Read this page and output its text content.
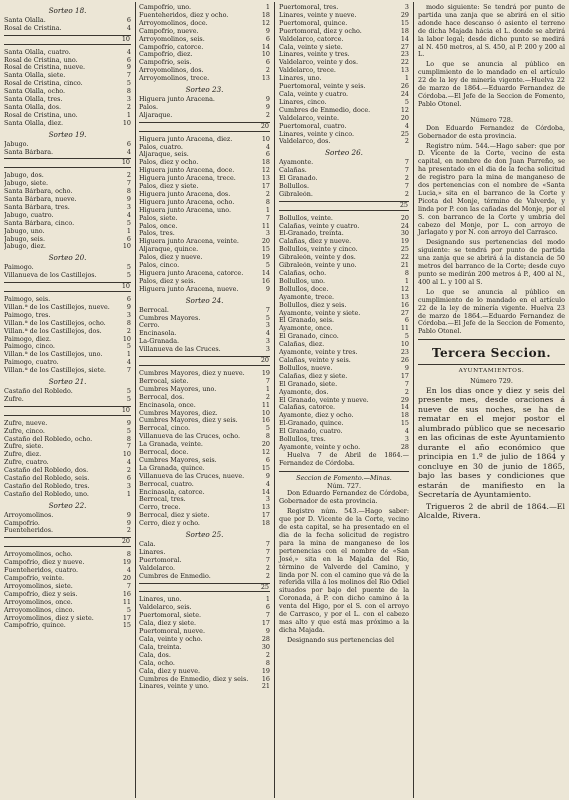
Sorteo 18.
Santa Olalla.	6
Rosal de Cristina.	4
10
Santa Olalla, cuatro.	4
Rosal de Cristina, uno.	6
Rosal de Cristina, nueve.	9
Santa Olalla, siete.	7
Rosal de Cristina, cinco.	5
Santa Olalla, ocho.	8
Santa Olalla, tres.	3
Santa Olalla, dos.	2
Rosal de Cristina, uno.	1
Santa Olalla, diez.	10
Sorteo 19.
Jabugo.	6
Santa Bárbara.	4
10
Jabugo, dos.	2
Jabugo, siete.	7
Santa Bárbara, ocho.	8
Santa Bárbara, nueve.	9
Santa Bárbara, tres.	3
Jabugo, cuatro.	4
Santa Bárbara, cinco.	5
Jabugo, uno.	1
Jabugo, seis.	6
Jabugo, diez.	10
Sorteo 20.
Paimogo.	5
Villanueva de los Castillejos.	5
10
Paimogo, seis.	6
Villan.ª de los Castillejos, nueve.	9
Paimogo, tres.	3
Villan.ª de los Castillejos, ocho.	8
Villan.ª de los Castillejos, dos.	2
Paimogo, diez.	10
Paimogo, cinco.	5
Villan.ª de los Castillejos, uno.	1
Paimogo, cuatro.	4
Villan.ª de los Castillejos, siete.	7
Sorteo 21.
Castaño del Robledo.	5
Zufre.	5
10
Zufre, nueve.	9
Zufre, cinco.	5
Castaño del Robledo, ocho.	8
Zufre, siete.	7
Zufre, diez.	10
Zufre, cuatro.	4
Castaño del Robledo, dos.	2
Castaño del Robledo, seis.	6
Castaño del Robledo, tres.	3
Castaño del Robledo, uno.	1
Sorteo 22.
Arroyomolinos.	9
Campofrío.	9
Fuenteheridos.	2
20
Arroyomolinos, ocho.	8
Campofrío, diez y nueve.	19
Fuenteheridos, cuatro.	4
Campofrío, veinte.	20
Arroyomolinos, siete.	7
Campofrío, diez y seis.	16
Arroyomolinos, once.	11
Arroyomolinos, cinco.	5
Arroyomolinos, diez y siete.	17
Campofrío, quince.	15
Campofrío, uno.	1
Fuenteheridos, diez y ocho.	18
Arroyomolinos, doce.	12
Campofrío, nueve.	9
Arroyomolinos, seis.	6
Campofrío, catorce.	14
Campofrío, diez.	10
Campofrío, seis.	6
Arroyomolinos, dos.	2
Arroyomolinos, trece.	13
Sorteo 23.
Higuera junto Aracena.	9
Palos.	9
Aljaraque.	2
20
Higuera junto Aracena, diez.	10
Palos, cuatro.	4
Aljaraque, seis.	6
Palos, diez y ocho.	18
Higuera junto Aracena, doce.	12
Higuera junto Aracena, trece.	13
Palos, diez y siete.	17
Higuera junto Aracena, dos.	2
Higuera junto Aracena, ocho.	8
Higuera junto Aracena, uno.	1
Palos, siete.	7
Palos, once.	11
Palos, tres.	3
Higuera junto Aracena, veinte.	20
Aljaraque, quince.	15
Palos, diez y nueve.	19
Palos, cinco.	5
Higuera junto Aracena, catorce.	14
Palos, diez y seis.	16
Higuera junto Aracena, nueve.	9
Sorteo 24.
Berrocal.	7
Cumbres Mayores.	5
Cerro.	3
Encinasola.	4
La-Granada.	3
Villanueva de las Cruces.	3
20
Cumbres Mayores, diez y nueve.	19
Berrocal, siete.	7
Cumbres Mayores, uno.	1
Berrocal, dos.	2
Encinasola, once.	11
Cumbres Mayores, diez.	10
Cumbres Mayores, diez y seis.	16
Berrocal, cinco.	5
Villanueva de las Cruces, ocho.	8
La Granada, veinte.	20
Berrocal, doce.	12
Cumbres Mayores, seis.	6
La Granada, quince.	15
Villanueva de las Cruces, nueve.	9
Berrocal, cuatro.	4
Encinasola, catorce.	14
Berrocal, tres.	3
Cerro, trece.	13
Berrocal, diez y siete.	17
Cerro, diez y ocho.	18
Sorteo 25.
Cala.	7
Linares.	7
Puertomoral.	7
Valdelarco.	2
Cumbres de Enmedio.	2
25
Linares, uno.	1
Valdelarco, seis.	6
Puertomoral, siete.	7
Cala, diez y siete.	17
Puertomoral, nueve.	9
Cala, veinte y ocho.	28
Cala, treinta.	30
Cala, dos.	2
Cala, ocho.	8
Cala, diez y nueve.	19
Cumbres de Enmedio, diez y seis.	16
Linares, veinte y uno.	21
Puertomoral, tres.	3
Linares, veinte y nueve.	29
Puertomoral, quince.	15
Puertomoral, diez y ocho.	18
Valdelarco, catorce.	14
Cala, veinte y siete.	27
Linares, veinte y tres.	23
Valdelarco, veinte y dos.	22
Valdelarco, trece.	13
Linares, uno.	1
Puertomoral, veinte y seis.	26
Cala, veinte y cuatro.	24
Linares, cinco.	5
Cumbres de Enmedio, doce.	12
Valdelarco, veinte.	20
Puertomoral, cuatro.	4
Linares, veinte y cinco.	25
Valdelarco, dos.	2
Sorteo 26.
Ayamonte.	7
Calañas.	7
El Granado.	2
Bollullos.	7
Gibraleón.	2
25
Bollullos, veinte.	20
Calañas, veinte y cuatro.	24
El-Granado, treinta.	30
Calañas, diez y nueve.	19
Bollullos, veinte y cinco.	25
Gibraleón, veinte y dos.	22
Gibraleón, veinte y uno.	21
Calañas, ocho.	8
Bollullos, uno.	1
Bollullos, doce.	12
Ayamonte, trece.	13
Bollullos, diez y seis.	16
Ayamonte, veinte y siete.	27
El Granado, seis.	6
Ayamonte, once.	11
El Granado, cinco.	5
Calañas, diez.	10
Ayamonte, veinte y tres.	23
Calañas, veinte y seis.	26
Bollullos, nueve.	9
Calañas, diez y siete.	17
El Granado, siete.	7
Ayamonte, dos.	2
El Granado, veinte y nueve.	29
Calañas, catorce.	14
Ayamonte, diez y ocho.	18
El-Granado, quince.	15
El Granado, cuatro.	4
Bollullos, tres.	3
Ayamonte, veinte y ocho.	28

Huelva 7 de Abril de 1864.— Fernandez de Córdoba.

Seccion de Fomento.—Minas.
Núm. 727.

Don Eduardo Fernandez de Córdoba, Gobernador de esta provincia.

Registro núm. 543.—Hago saber: que por D. Vicente de la Corte, vecino de esta capital, se ha presentado en el dia de la fecha solicitud de registro para la mina de manganeso de los pertenencias con el nombre de «San José,» sita en la Majada del Rio, término de Valverde del Camino, y linda por N. con el camino que vá de la referida villa á los molinos del Rio Odiel situados por bajo del puente de la Coronada, á P. con dicho camino á la venta del Higo, por el S. con el arroyo de Carrasco, y por el L. con el cabezo mas alto y que está mas próximo a la dicha Majada.

Designando sus pertenencias del

modo siguiente: Se tendrá por punto de partida una zanja que se abrirá en el sitio adonde hace descanso ó asiento el terreno de dicha Majada hácia el L. donde se abrirá la labor legal; desde dicho punto se medirá al N. 450 metros, al S. 450, al P. 200 y 200 al L.

Lo que se anuncia al público en cumplimiento de lo mandado en el artículo 22 de la ley de minería vigente.—Huelva 22 de marzo de 1864.—Eduardo Fernandez de Córdoba.—El Jefe de la Seccion de Fomento, Pablo Otonel.

Número 728.

Don Eduardo Fernandez de Córdoba, Gobernador de esta provincia.

Registro núm. 544.—Hago saber: que por D. Vicente de la Corte, vecino de esta capital, en nombre de don Juan Parreño, se ha presentado en el dia de la fecha solicitud de registro para la mina de manganeso de dos pertenencias con el nombre de «Santa Lucia,» sita en el barranco de la Corte y Picota del Monje, término de Valverde, y linda por P. con las cañadas del Monje, por el S. con barranco de la Corte y umbria del cabezo del Monje, por L. con arroyo de Jarlagato y por N. con arroyo del Carrasco.

Designando sus pertenencias del modo siguiente: se tendrá por punto de partida una zanja que se abrirá á la distancia de 50 metros del barranco de la Corte; desde cuyo punto se medirán 200 metros á P., 400 al N., 400 al L. y 100 al S.

Lo que se anuncia al público en cumplimiento de lo mandado en el artículo 22 de la ley de minería vigente. Huelva 23 de marzo de 1864.—Eduardo Fernandez de Córdoba.—El Jefe de la Seccion de Fomento, Pablo Otonel.

Tercera Seccion.
AYUNTAMIENTOS.
Número 729.

En los dias once y diez y seis del presente mes, desde oraciones á nueve de sus noches, se ha de rematar en el mejor postor el alumbrado público que se necesario en las oficinas de este Ayuntamiento durante el año económico que principia en 1.º de julio de 1864 y concluye en 30 de junio de 1865, bajo las bases y condiciones que estarán de manifiesto en la Secretaría de Ayuntamiento.

Trigueros 2 de abril de 1864.—El Alcalde, Rivera.
